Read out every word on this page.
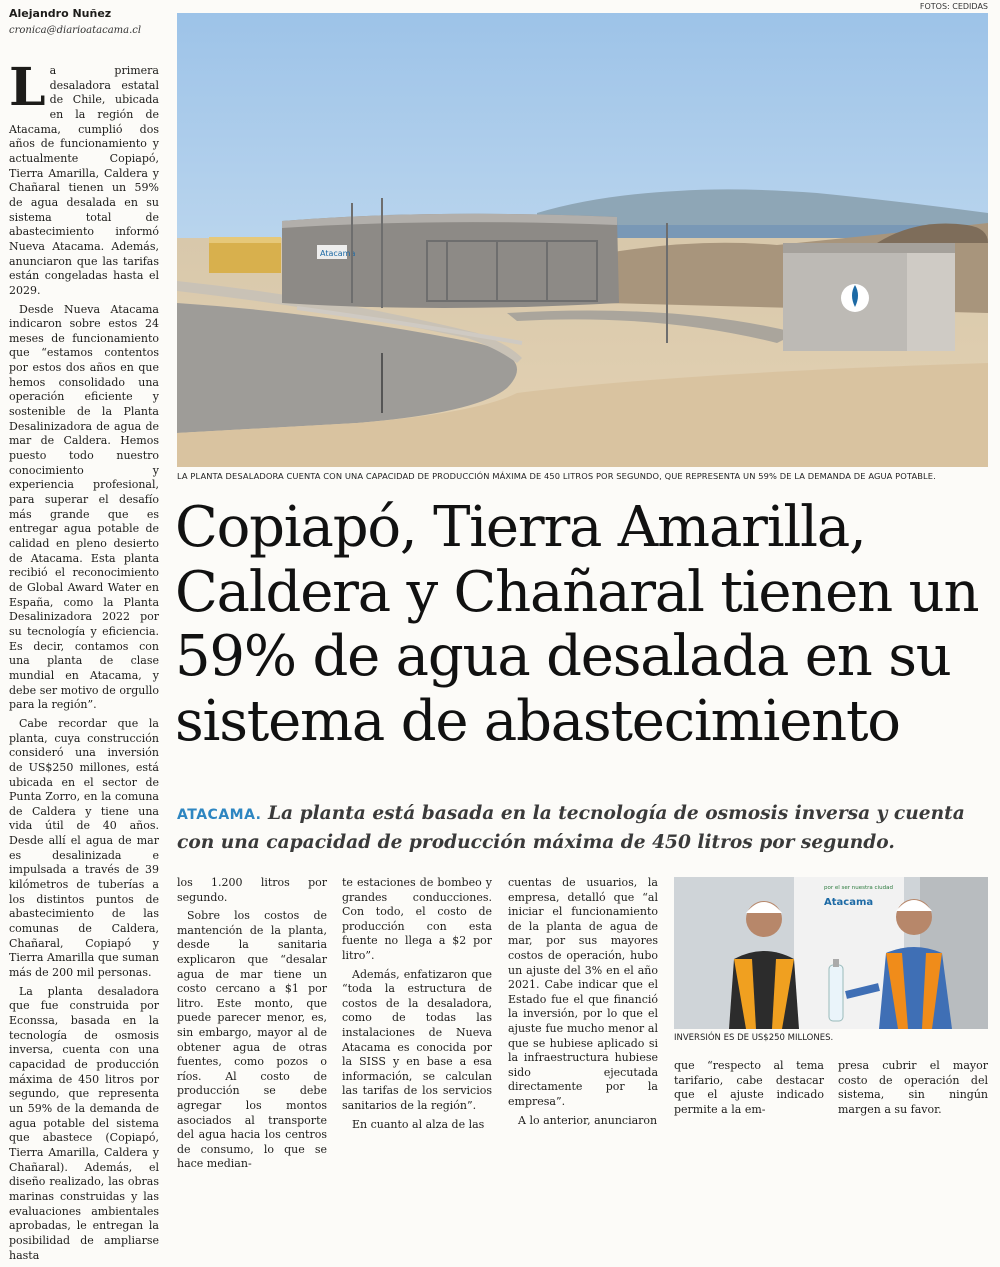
Alejandro Nuñez
cronica@diarioatacama.cl

La primera desaladora estatal de Chile, ubicada en la región de Atacama, cumplió dos años de funcionamiento y actualmente Copiapó, Tierra Amarilla, Caldera y Chañaral tienen un 59% de agua desalada en su sistema total de abastecimiento informó Nueva Atacama. Además, anunciaron que las tarifas están congeladas hasta el 2029.

Desde Nueva Atacama indicaron sobre estos 24 meses de funcionamiento que “estamos contentos por estos dos años en que hemos consolidado una operación eficiente y sostenible de la Planta Desalinizadora de agua de mar de Caldera. Hemos puesto todo nuestro conocimiento y experiencia profesional, para superar el desafío más grande que es entregar agua potable de calidad en pleno desierto de Atacama. Esta planta recibió el reconocimiento de Global Award Water en España, como la Planta Desalinizadora 2022 por su tecnología y eficiencia. Es decir, contamos con una planta de clase mundial en Atacama, y debe ser motivo de orgullo para la región”.

Cabe recordar que la planta, cuya construcción consideró una inversión de US$250 millones, está ubicada en el sector de Punta Zorro, en la comuna de Caldera y tiene una vida útil de 40 años. Desde allí el agua de mar es desalinizada e impulsada a través de 39 kilómetros de tuberías a los distintos puntos de abastecimiento de las comunas de Caldera, Chañaral, Copiapó y Tierra Amarilla que suman más de 200 mil personas.

La planta desaladora que fue construida por Econssa, basada en la tecnología de osmosis inversa, cuenta con una capacidad de producción máxima de 450 litros por segundo, que representa un 59% de la demanda de agua potable del sistema que abastece (Copiapó, Tierra Amarilla, Caldera y Chañaral). Además, el diseño realizado, las obras marinas construidas y las evaluaciones ambientales aprobadas, le entregan la posibilidad de ampliarse hasta

FOTOS: CEDIDAS
Atacama
LA PLANTA DESALADORA CUENTA CON UNA CAPACIDAD DE PRODUCCIÓN MÁXIMA DE 450 LITROS POR SEGUNDO, QUE REPRESENTA UN 59% DE LA DEMANDA DE AGUA POTABLE.
Copiapó, Tierra Amarilla, Caldera y Chañaral tienen un 59% de agua desalada en su sistema de abastecimiento
ATACAMA. La planta está basada en la tecnología de osmosis inversa y cuenta con una capacidad de producción máxima de 450 litros por segundo.

los 1.200 litros por segundo.

Sobre los costos de mantención de la planta, desde la sanitaria explicaron que “desalar agua de mar tiene un costo cercano a $1 por litro. Este monto, que puede parecer menor, es, sin embargo, mayor al de obtener agua de otras fuentes, como pozos o ríos. Al costo de producción se debe agregar los montos asociados al transporte del agua hacia los centros de consumo, lo que se hace median-

te estaciones de bombeo y grandes conducciones. Con todo, el costo de producción con esta fuente no llega a $2 por litro”.

Además, enfatizaron que “toda la estructura de costos de la desaladora, como de todas las instalaciones de Nueva Atacama es conocida por la SISS y en base a esa información, se calculan las tarifas de los servicios sanitarios de la región”.

En cuanto al alza de las

cuentas de usuarios, la empresa, detalló que “al iniciar el funcionamiento de la planta de agua de mar, por sus mayores costos de operación, hubo un ajuste del 3% en el año 2021. Cabe indicar que el Estado fue el que financió la inversión, por lo que el ajuste fue mucho menor al que se hubiese aplicado si la infraestructura hubiese sido ejecutada directamente por la empresa”.

A lo anterior, anunciaron

por el ser nuestra ciudad
Atacama
INVERSIÓN ES DE US$250 MILLONES.

que “respecto al tema tarifario, cabe destacar que el ajuste indicado permite a la em-

presa cubrir el mayor costo de operación del sistema, sin ningún margen a su favor.
